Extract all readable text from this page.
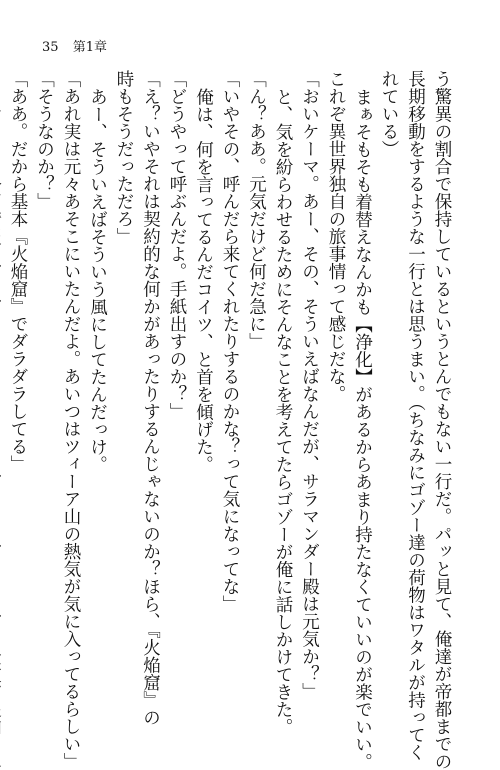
35 第1章
う驚異の割合で保持しているというとんでもない一行だ。パッと見て、俺達が帝都までの
長期移動をするような一行とは思うまい。（ちなみにゴゾー達の荷物はワタルが持ってく
れている）
まぁそもそも着替えなんかも【浄化】があるからあまり持たなくていいのが楽でいい。
これぞ異世界独自の旅事情って感じだな。
「おいケーマ。あー、その、そういえばなんだが、サラマンダー殿は元気か？」
と、気を紛らわせるためにそんなことを考えてたらゴゾーが俺に話しかけてきた。
「ん？ああ。元気だけど何だ急に」
「いやその、呼んだら来てくれたりするのかな？って気になってな」
俺は、何を言ってるんだコイツ、と首を傾げた。
「どうやって呼ぶんだよ。手紙出すのか？」
「え？いやそれは契約的な何かがあったりするんじゃないのか？ほら、『火焔窟』の
時もそうだっただろ」
あー、そういえばそういう風にしてたんだっけ。
「あれ実は元々あそこにいたんだよ。あいつはツィーア山の熱気が気に入ってるらしい」
「そうなのか？」
「ああ。だから基本『火焔窟』でダラダラしてる」
